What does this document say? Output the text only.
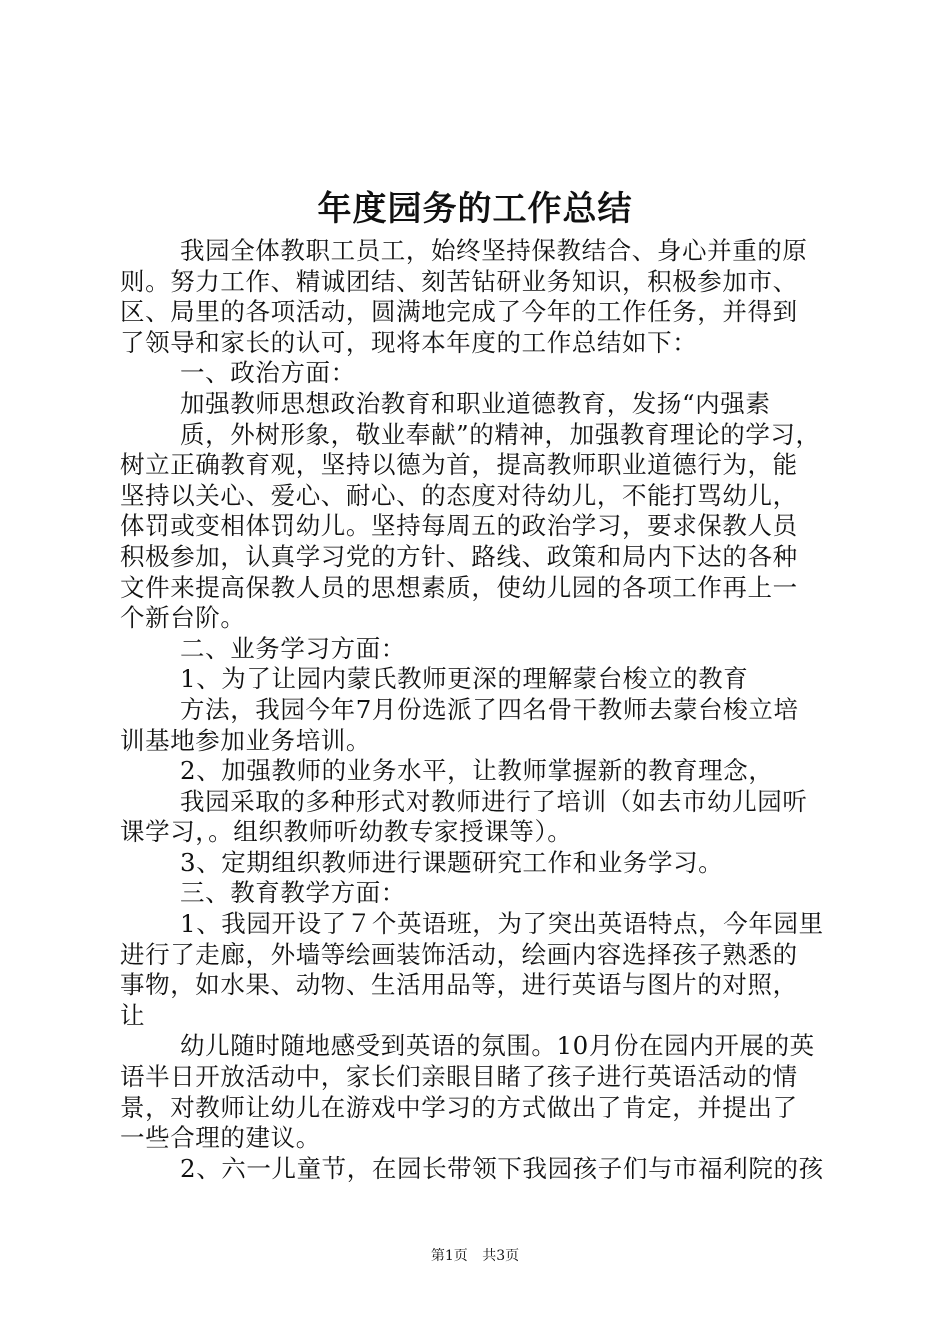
年度园务的工作总结
我园全体教职工员工，始终坚持保教结合、身心并重的原
则。努力工作、精诚团结、刻苦钻研业务知识，积极参加市、
区、局里的各项活动，圆满地完成了今年的工作任务，并得到
了领导和家长的认可，现将本年度的工作总结如下：
一、政治方面：
加强教师思想政治教育和职业道德教育，发扬“内强素
质，外树形象，敬业奉献”的精神，加强教育理论的学习，
树立正确教育观，坚持以德为首，提高教师职业道德行为，能
坚持以关心、爱心、耐心、的态度对待幼儿，不能打骂幼儿，
体罚或变相体罚幼儿。坚持每周五的政治学习，要求保教人员
积极参加，认真学习党的方针、路线、政策和局内下达的各种
文件来提高保教人员的思想素质，使幼儿园的各项工作再上一
个新台阶。
二、业务学习方面：
1、为了让园内蒙氏教师更深的理解蒙台梭立的教育
方法，我园今年7月份选派了四名骨干教师去蒙台梭立培
训基地参加业务培训。
2、加强教师的业务水平，让教师掌握新的教育理念，
我园采取的多种形式对教师进行了培训（如去市幼儿园听
课学习，。组织教师听幼教专家授课等）。
3、定期组织教师进行课题研究工作和业务学习。
三、教育教学方面：
1、我园开设了７个英语班，为了突出英语特点，今年园里
进行了走廊，外墙等绘画装饰活动，绘画内容选择孩子熟悉的
事物，如水果、动物、生活用品等，进行英语与图片的对照，
让
幼儿随时随地感受到英语的氛围。10月份在园内开展的英
语半日开放活动中，家长们亲眼目睹了孩子进行英语活动的情
景，对教师让幼儿在游戏中学习的方式做出了肯定，并提出了
一些合理的建议。
2、六一儿童节，在园长带领下我园孩子们与市福利院的孩
第1页 共3页
